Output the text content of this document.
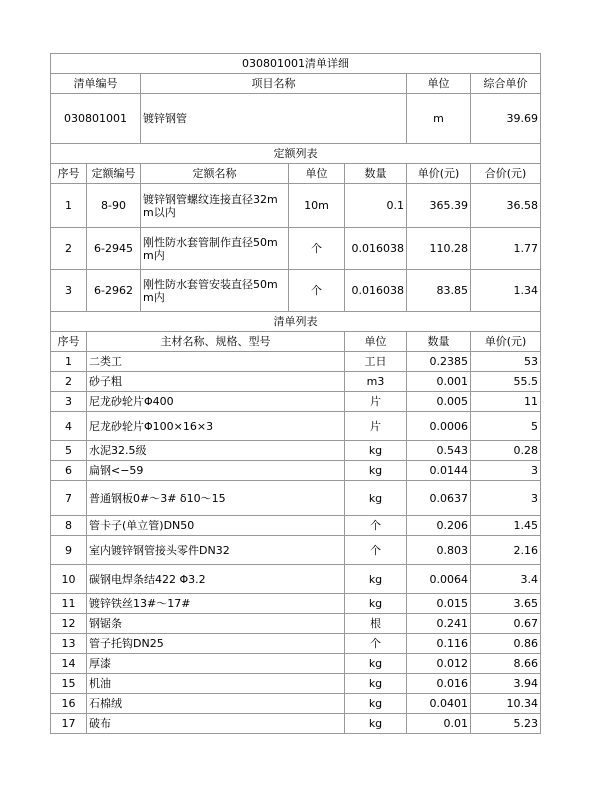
030801001清单详细							
清单编号		项目名称			单位	综合单价	
030801001		镀锌钢管			m	39.69	
定额列表							
序号	定额编号	定额名称	单位	数量	单价(元)	合价(元)	
1	8-90	镀锌钢管螺纹连接直径32mm以内	10m	0.1	365.39	36.58	
2	6-2945	刚性防水套管制作直径50mm内	个	0.016038	110.28	1.77	
3	6-2962	刚性防水套管安装直径50mm内	个	0.016038	83.85	1.34	
清单列表							
序号	主材名称、规格、型号			单位	数量	单价(元)	
1	二类工			工日	0.2385	53	
2	砂子粗			m3	0.001	55.5	
3	尼龙砂轮片Φ400			片	0.005	11	
4	尼龙砂轮片Φ100×16×3			片	0.0006	5	
5	水泥32.5级			kg	0.543	0.28	
6	扁钢<−59			kg	0.0144	3	
7	普通钢板0#～3# δ10～15			kg	0.0637	3	
8	管卡子(单立管)DN50			个	0.206	1.45	
9	室内镀锌钢管接头零件DN32			个	0.803	2.16	
10	碳钢电焊条结422 Φ3.2			kg	0.0064	3.4	
11	镀锌铁丝13#～17#			kg	0.015	3.65	
12	钢锯条			根	0.241	0.67	
13	管子托钩DN25			个	0.116	0.86	
14	厚漆			kg	0.012	8.66	
15	机油			kg	0.016	3.94	
16	石棉绒			kg	0.0401	10.34	
17	破布			kg	0.01	5.23	
